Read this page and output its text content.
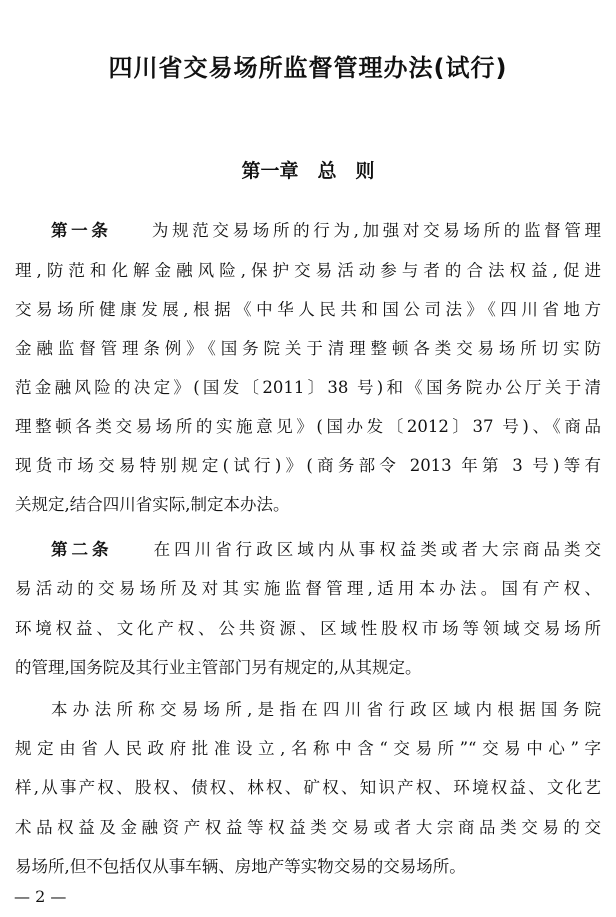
四川省交易场所监督管理办法(试行)
第一章　总　则
第一条　　 为规范交易场所的行为,加强对交易场所的监督管理
理,防范和化解金融风险,保护交易活动参与者的合法权益,促进
交易场所健康发展,根据《中华人民共和国公司法》《四川省地方
金融监督管理条例》《国务院关于清理整顿各类交易场所切实防
范金融风险的决定》(国发〔2011〕38 号)和《国务院办公厅关于清
理整顿各类交易场所的实施意见》(国办发〔2012〕37 号)、《商品
现货市场交易特别规定(试行)》(商务部令 2013 年第 3 号)等有
关规定,结合四川省实际,制定本办法。
第二条　　 在四川省行政区域内从事权益类或者大宗商品类交
易活动的交易场所及对其实施监督管理,适用本办法。国有产权、
环境权益、文化产权、公共资源、区域性股权市场等领域交易场所
的管理,国务院及其行业主管部门另有规定的,从其规定。
本办法所称交易场所,是指在四川省行政区域内根据国务院
规定由省人民政府批准设立,名称中含“交易所”“交易中心”字
样,从事产权、股权、债权、林权、矿权、知识产权、环境权益、文化艺
术品权益及金融资产权益等权益类交易或者大宗商品类交易的交
易场所,但不包括仅从事车辆、房地产等实物交易的交易场所。
— 2 —
